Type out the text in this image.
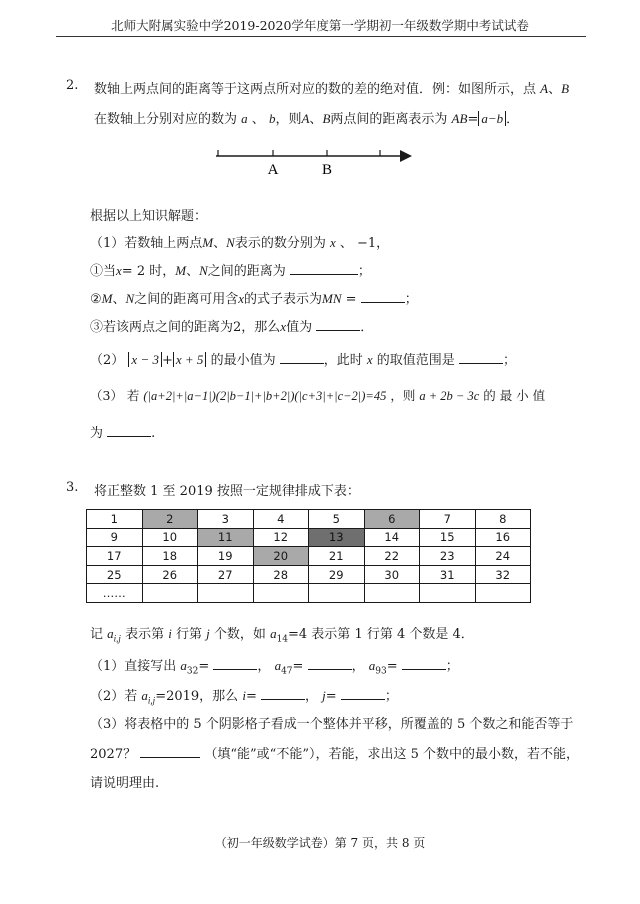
北师大附属实验中学2019-2020学年度第一学期初一年级数学期中考试试卷
2. 数轴上两点间的距离等于这两点所对应的数的差的绝对值．例：如图所示，点 A、B
在数轴上分别对应的数为 a 、 b，则A、B两点间的距离表示为 AB= a−b ．
A	B
根据以上知识解题：
（1）若数轴上两点M、N表示的数分别为 x 、 −1，
①当x= 2 时，M、N之间的距离为	；
②M、N之间的距离可用含x的式子表示为MN =	；
③若该两点之间的距离为2，那么x值为	．
（2） x − 3 + x + 5 的最小值为	，此时 x 的取值范围是	；
（3） 若 (|a+2|+|a−1|)(2|b−1|+|b+2|)(|c+3|+|c−2|)=45 ，则 a + 2b − 3c 的 最 小 值
为	.
3. 将正整数 1 至 2019 按照一定规律排成下表：
1	2	3	4	5	6	7	8
9	10	11	12	13	14	15	16
17	18	19	20	21	22	23	24
25	26	27	28	29	30	31	32
……							
记 $a_{i,j}$ 表示第 i 行第 j 个数，如 $a_{14}=4$ 表示第 1 行第 4 个数是 4．
（1）直接写出 $a_{32}=$	， $a_{47}=$	， $a_{93}=$	；
（2）若 $a_{i,j}=2019$，那么 i=	， j=	；
（3）将表格中的 5 个阴影格子看成一个整体并平移，所覆盖的 5 个数之和能否等于
2027？	（填“能”或“不能”），若能，求出这 5 个数中的最小数，若不能，
请说明理由.
（初一年级数学试卷）第 7 页，共 8 页
